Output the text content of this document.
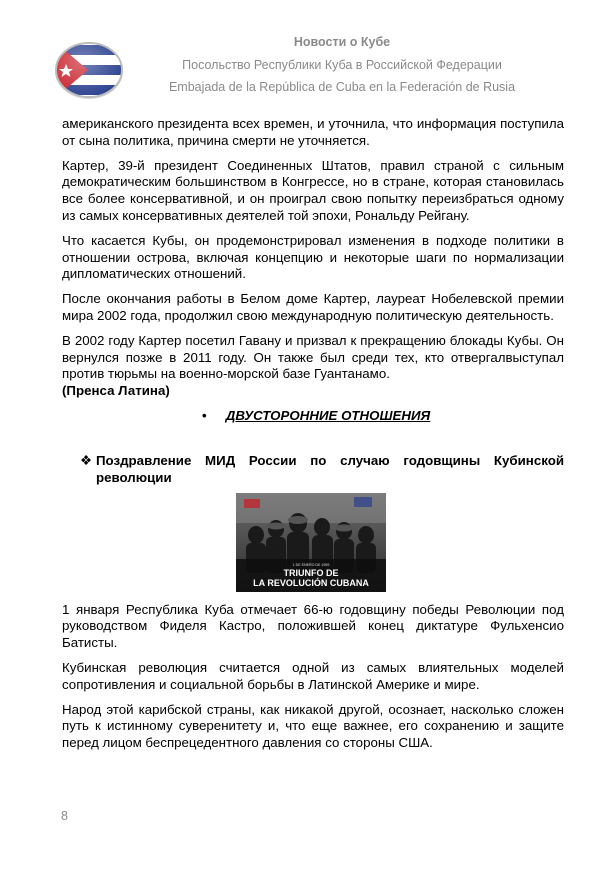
Новости о Кубе
Посольство Республики Куба в Российской Федерации
Embajada de la República de Cuba en la Federación de Rusia

американского президента всех времен, и уточнила, что информация поступила от сына политика, причина смерти не уточняется.

Картер, 39-й президент Соединенных Штатов, правил страной с сильным демократическим большинством в Конгрессе, но в стране, которая становилась все более консервативной, и он проиграл свою попытку переизбраться одному из самых консервативных деятелей той эпохи, Рональду Рейгану.

Что касается Кубы, он продемонстрировал изменения в подходе политики в отношении острова, включая концепцию и некоторые шаги по нормализации дипломатических отношений.

После окончания работы в Белом доме Картер, лауреат Нобелевской премии мира 2002 года, продолжил свою международную политическую деятельность.

В 2002 году Картер посетил Гавану и призвал к прекращению блокады Кубы. Он вернулся позже в 2011 году. Он также был среди тех, кто отвергалвыступал против тюрьмы на военно-морской базе Гуантанамо.
(Пренса Латина)

• ДВУСТОРОННИЕ ОТНОШЕНИЯ
❖ Поздравление МИД России по случаю годовщины Кубинской революции
1 DE ENERO DE 1959
TRIUNFO DE
LA REVOLUCIÓN CUBANA

1 января Республика Куба отмечает 66-ю годовщину победы Революции под руководством Фиделя Кастро, положившей конец диктатуре Фульхенсио Батисты.

Кубинская революция считается одной из самых влиятельных моделей сопротивления и социальной борьбы в Латинской Америке и мире.

Народ этой карибской страны, как никакой другой, осознает, насколько сложен путь к истинному суверенитету и, что еще важнее, его сохранению и защите перед лицом беспрецедентного давления со стороны США.

8
